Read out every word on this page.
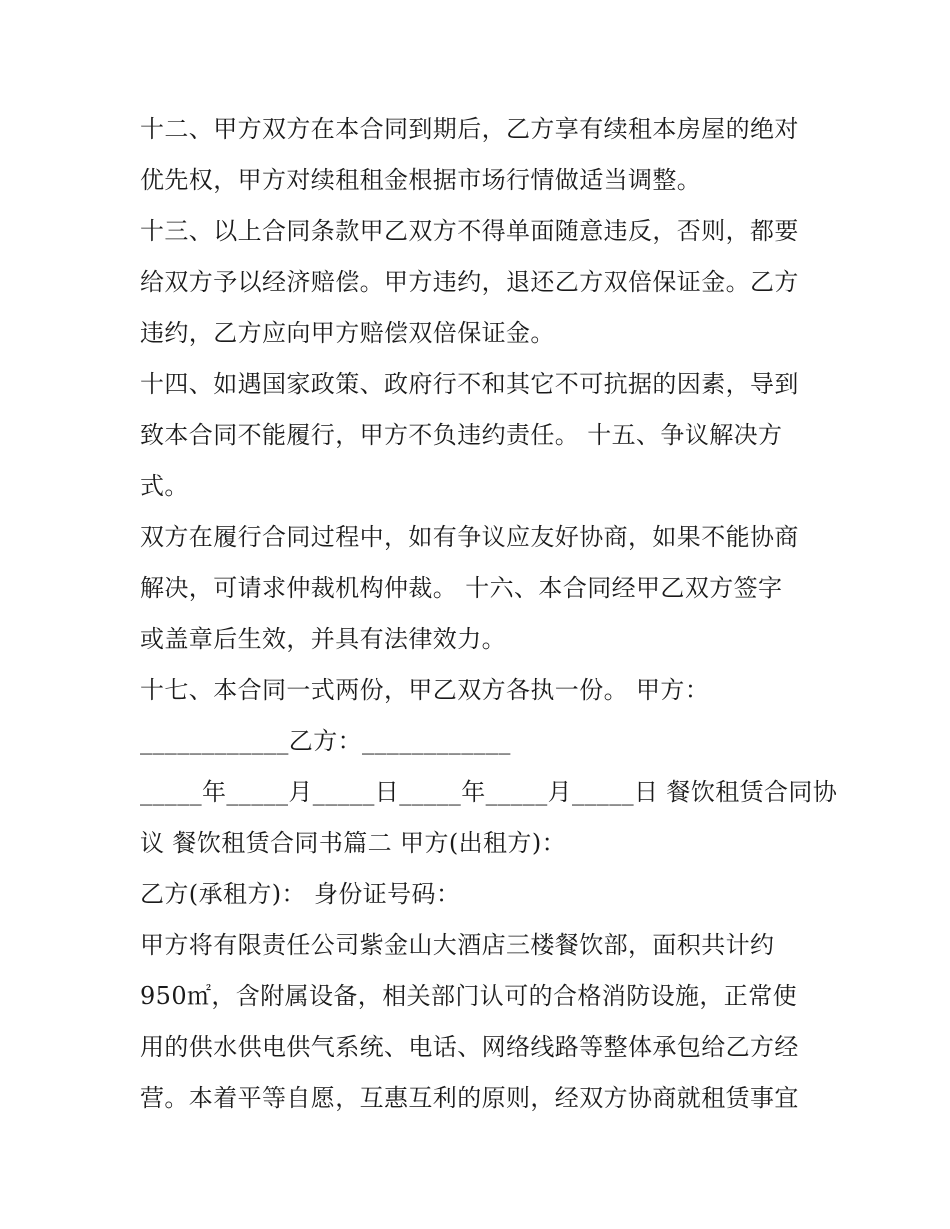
十二、甲方双方在本合同到期后，乙方享有续租本房屋的绝对
优先权，甲方对续租租金根据市场行情做适当调整。
十三、以上合同条款甲乙双方不得单面随意违反，否则，都要
给双方予以经济赔偿。甲方违约，退还乙方双倍保证金。乙方
违约，乙方应向甲方赔偿双倍保证金。
十四、如遇国家政策、政府行不和其它不可抗据的因素，导到
致本合同不能履行，甲方不负违约责任。 十五、争议解决方
式。
双方在履行合同过程中，如有争议应友好协商，如果不能协商
解决，可请求仲裁机构仲裁。 十六、本合同经甲乙双方签字
或盖章后生效，并具有法律效力。
十七、本合同一式两份，甲乙双方各执一份。 甲方：
____________乙方：____________
_____年_____月_____日_____年_____月_____日 餐饮租赁合同协
议 餐饮租赁合同书篇二 甲方(出租方)：
乙方(承租方)： 身份证号码：
甲方将有限责任公司紫金山大酒店三楼餐饮部，面积共计约
950㎡，含附属设备，相关部门认可的合格消防设施，正常使
用的供水供电供气系统、电话、网络线路等整体承包给乙方经
营。本着平等自愿，互惠互利的原则，经双方协商就租赁事宜
